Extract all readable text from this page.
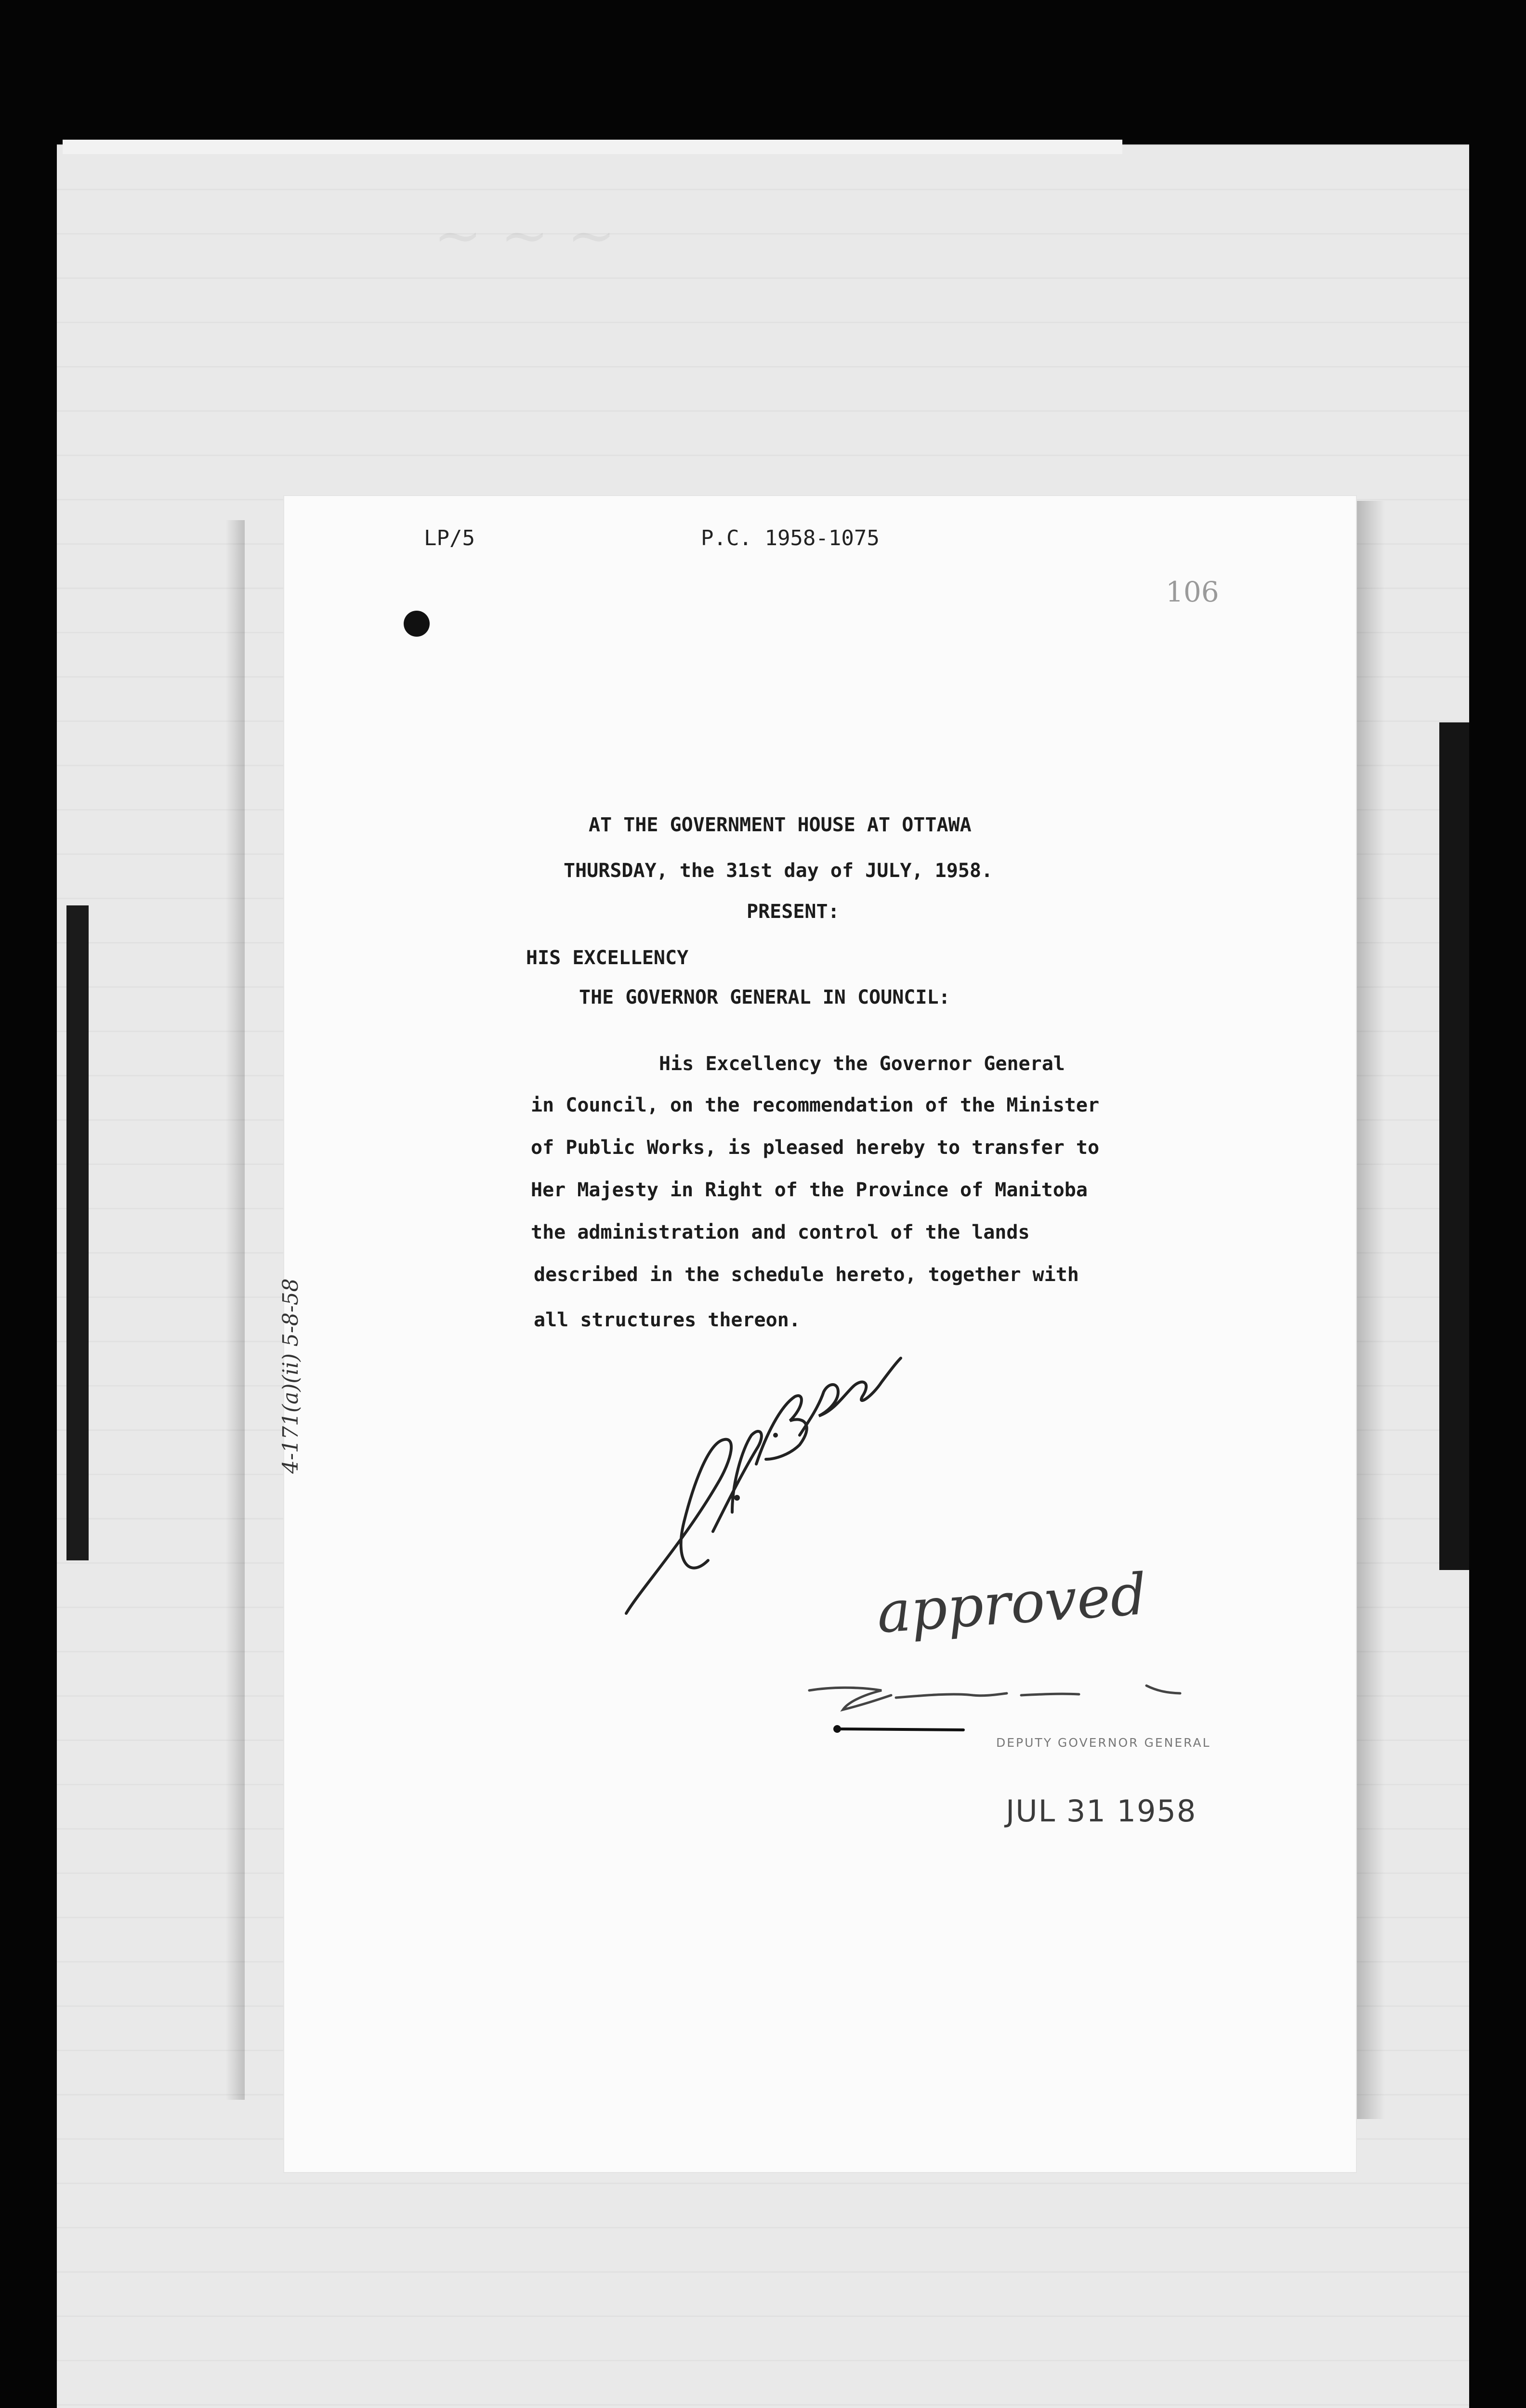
~ ~ ~
LP/5	P.C. 1958-1075
106
AT THE GOVERNMENT HOUSE AT OTTAWA
THURSDAY, the 31st day of JULY, 1958.
PRESENT:
HIS EXCELLENCY
THE GOVERNOR GENERAL IN COUNCIL:
His Excellency the Governor General
in Council, on the recommendation of the Minister
of Public Works, is pleased hereby to transfer to
Her Majesty in Right of the Province of Manitoba
the administration and control of the lands
described in the schedule hereto, together with
all structures thereon.
4-171(a)(ii) 5-8-58
approved
DEPUTY GOVERNOR GENERAL
JUL 31 1958
